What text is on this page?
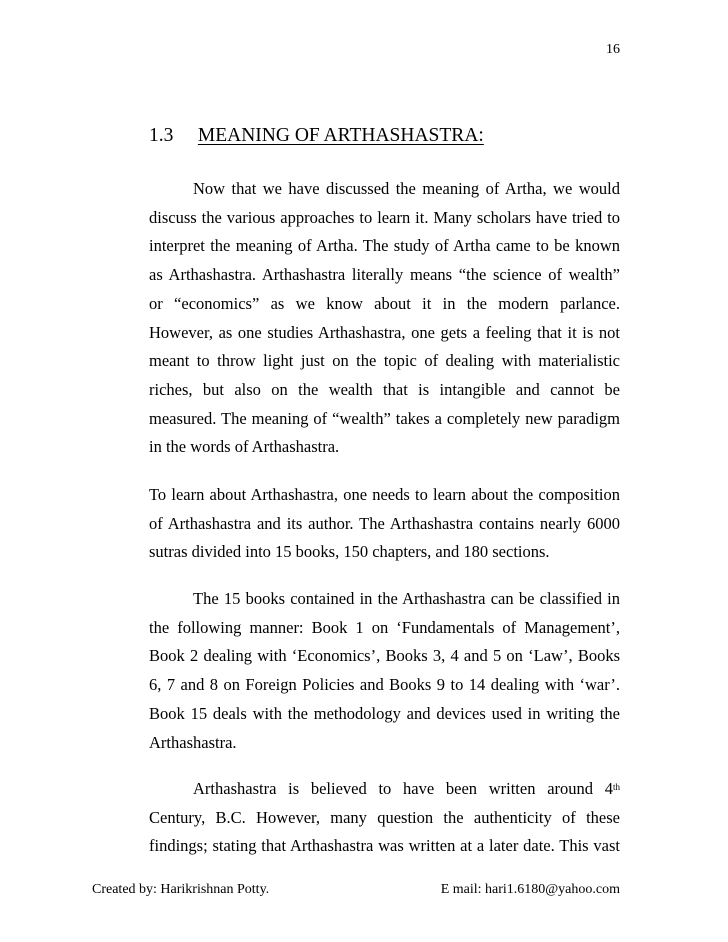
16
1.3 MEANING OF ARTHASHASTRA:
Now that we have discussed the meaning of Artha, we would
discuss the various approaches to learn it. Many scholars have tried to
interpret the meaning of Artha. The study of Artha came to be known
as Arthashastra. Arthashastra literally means “the science of wealth”
or “economics” as we know about it in the modern parlance.
However, as one studies Arthashastra, one gets a feeling that it is not
meant to throw light just on the topic of dealing with materialistic
riches, but also on the wealth that is intangible and cannot be
measured. The meaning of “wealth” takes a completely new paradigm
in the words of Arthashastra.
To learn about Arthashastra, one needs to learn about the composition
of Arthashastra and its author. The Arthashastra contains nearly 6000
sutras divided into 15 books, 150 chapters, and 180 sections.
The 15 books contained in the Arthashastra can be classified in
the following manner: Book 1 on ‘Fundamentals of Management’,
Book 2 dealing with ‘Economics’, Books 3, 4 and 5 on ‘Law’, Books
6, 7 and 8 on Foreign Policies and Books 9 to 14 dealing with ‘war’.
Book 15 deals with the methodology and devices used in writing the
Arthashastra.
Arthashastra is believed to have been written around 4th
Century, B.C. However, many question the authenticity of these
findings; stating that Arthashastra was written at a later date. This vast
Created by: Harikrishnan Potty.	E mail: hari1.6180@yahoo.com
